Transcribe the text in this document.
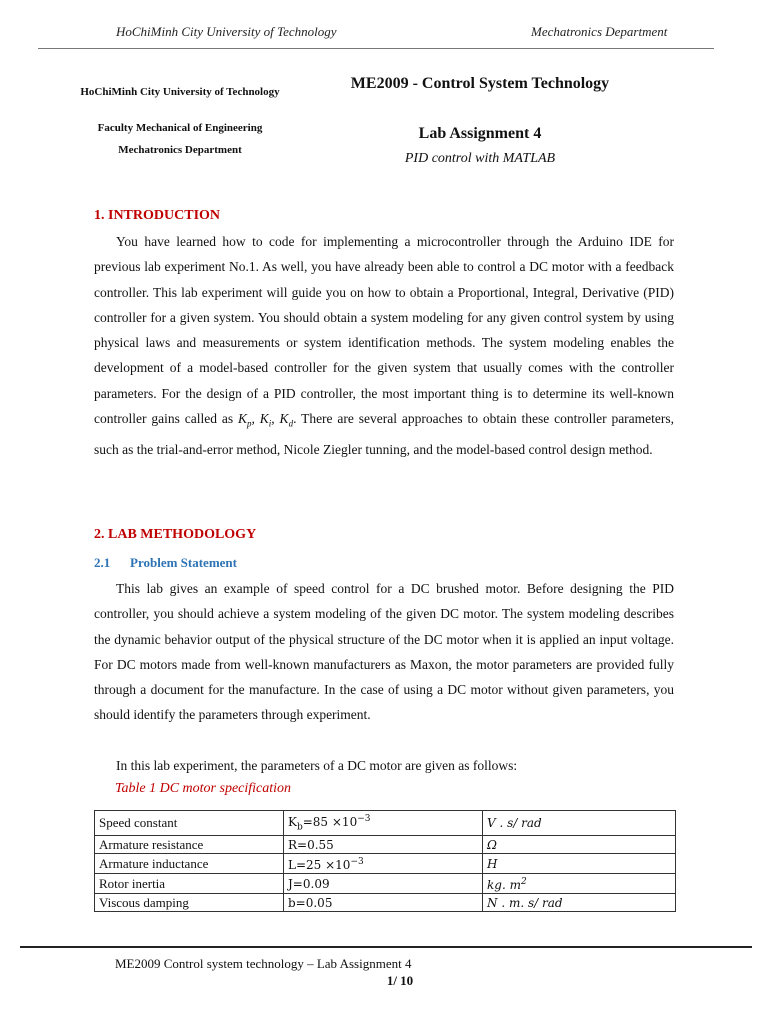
HoChiMinh City University of Technology	Mechatronics Department
HoChiMinh City University of Technology
Faculty Mechanical of Engineering
Mechatronics Department
ME2009 - Control System Technology
Lab Assignment 4
PID control with MATLAB
1. INTRODUCTION
You have learned how to code for implementing a microcontroller through the Arduino IDE for previous lab experiment No.1. As well, you have already been able to control a DC motor with a feedback controller. This lab experiment will guide you on how to obtain a Proportional, Integral, Derivative (PID) controller for a given system. You should obtain a system modeling for any given control system by using physical laws and measurements or system identification methods. The system modeling enables the development of a model-based controller for the given system that usually comes with the controller parameters. For the design of a PID controller, the most important thing is to determine its well-known controller gains called as $K_p$, $K_i$, $K_d$. There are several approaches to obtain these controller parameters, such as the trial-and-error method, Nicole Ziegler tunning, and the model-based control design method.
2. LAB METHODOLOGY
2.1 Problem Statement
This lab gives an example of speed control for a DC brushed motor. Before designing the PID controller, you should achieve a system modeling of the given DC motor. The system modeling describes the dynamic behavior output of the physical structure of the DC motor when it is applied an input voltage. For DC motors made from well-known manufacturers as Maxon, the motor parameters are provided fully through a document for the manufacture. In the case of using a DC motor without given parameters, you should identify the parameters through experiment.
In this lab experiment, the parameters of a DC motor are given as follows:
Table 1 DC motor specification
Speed constant	$K_b=85 \times 10^{-3}$	V . s/ rad
Armature resistance	R=0.55	Ω
Armature inductance	$L=25 \times 10^{-3}$	H
Rotor inertia	J=0.09	kg. $m^2$
Viscous damping	b=0.05	N . m. s/ rad
ME2009 Control system technology – Lab Assignment 4
1/ 10
